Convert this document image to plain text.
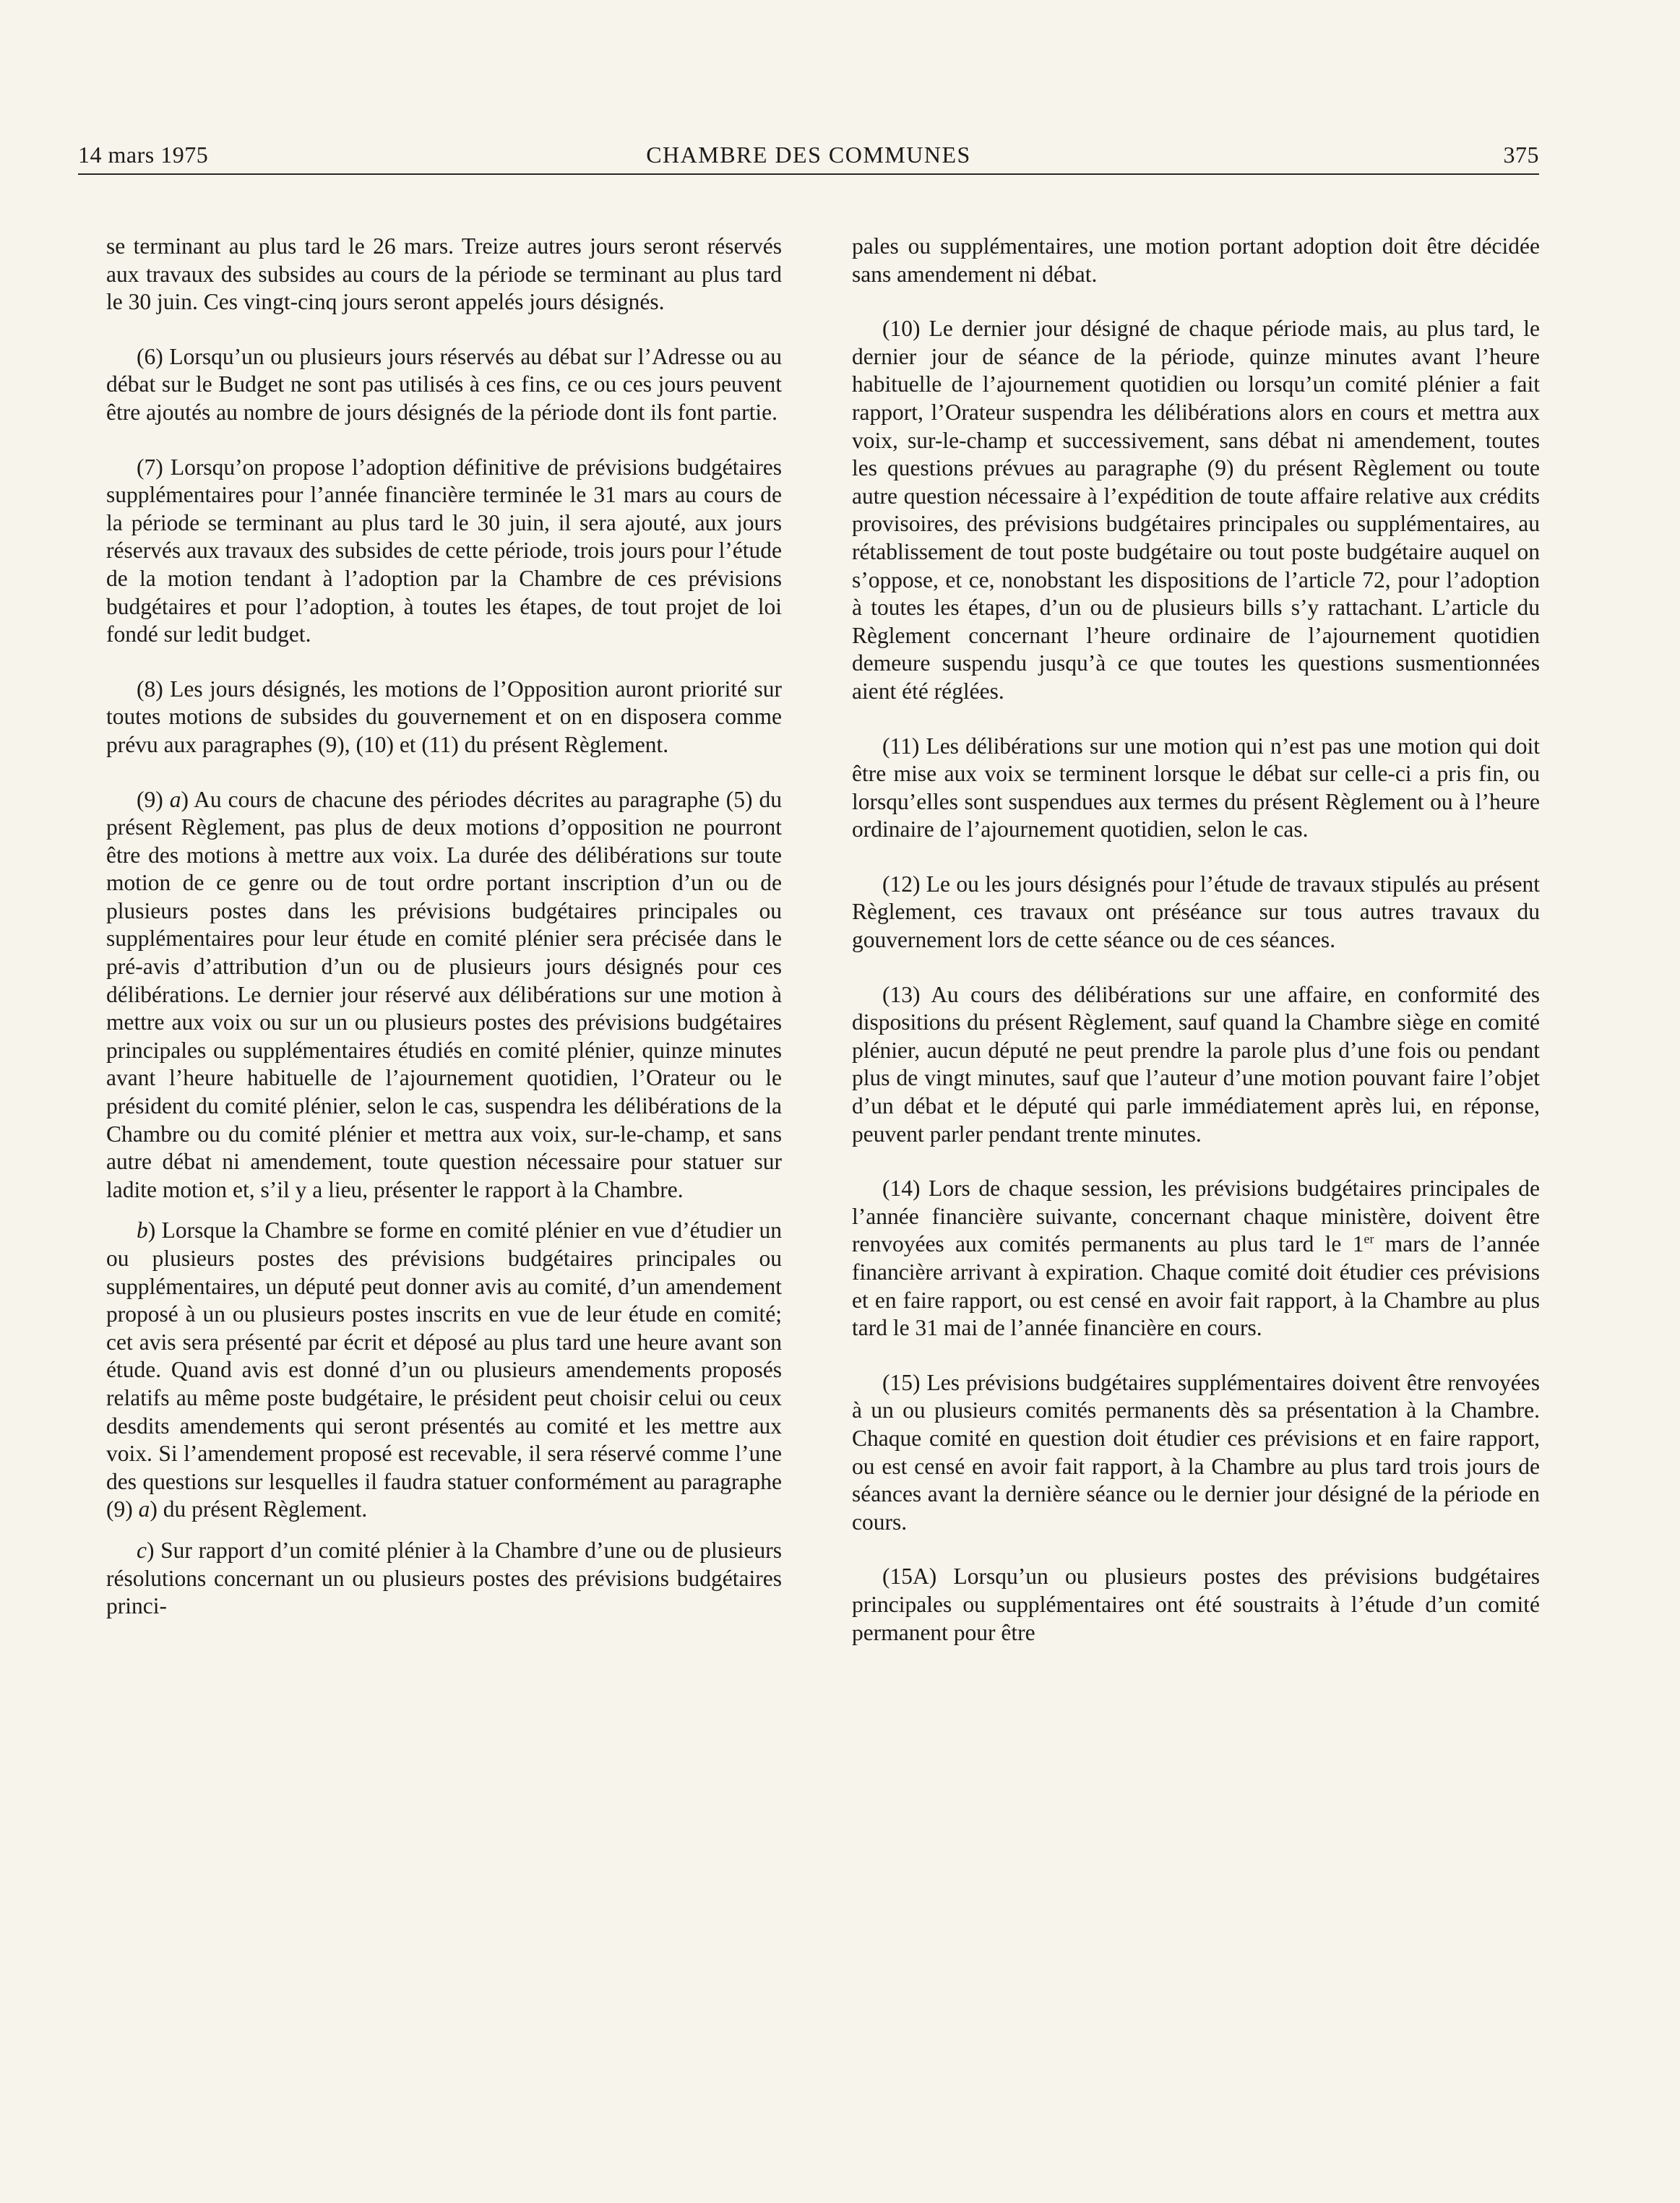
14 mars 1975	CHAMBRE DES COMMUNES	375

se terminant au plus tard le 26 mars. Treize autres jours seront réservés aux travaux des subsides au cours de la période se terminant au plus tard le 30 juin. Ces vingt-cinq jours seront appelés jours désignés.

(6) Lorsqu’un ou plusieurs jours réservés au débat sur l’Adresse ou au débat sur le Budget ne sont pas utilisés à ces fins, ce ou ces jours peuvent être ajoutés au nombre de jours désignés de la période dont ils font partie.

(7) Lorsqu’on propose l’adoption définitive de prévisions budgétaires supplémentaires pour l’année financière terminée le 31 mars au cours de la période se terminant au plus tard le 30 juin, il sera ajouté, aux jours réservés aux travaux des subsides de cette période, trois jours pour l’étude de la motion tendant à l’adoption par la Chambre de ces prévisions budgétaires et pour l’adoption, à toutes les étapes, de tout projet de loi fondé sur ledit budget.

(8) Les jours désignés, les motions de l’Opposition auront priorité sur toutes motions de subsides du gouvernement et on en disposera comme prévu aux paragraphes (9), (10) et (11) du présent Règlement.

(9) a) Au cours de chacune des périodes décrites au paragraphe (5) du présent Règlement, pas plus de deux motions d’opposition ne pourront être des motions à mettre aux voix. La durée des délibérations sur toute motion de ce genre ou de tout ordre portant inscription d’un ou de plusieurs postes dans les prévisions budgétaires principales ou supplémentaires pour leur étude en comité plénier sera précisée dans le pré-avis d’attribution d’un ou de plusieurs jours désignés pour ces délibérations. Le dernier jour réservé aux délibérations sur une motion à mettre aux voix ou sur un ou plusieurs postes des prévisions budgétaires principales ou supplémentaires étudiés en comité plénier, quinze minutes avant l’heure habituelle de l’ajournement quotidien, l’Orateur ou le président du comité plénier, selon le cas, suspendra les délibérations de la Chambre ou du comité plénier et mettra aux voix, sur-le-champ, et sans autre débat ni amendement, toute question nécessaire pour statuer sur ladite motion et, s’il y a lieu, présenter le rapport à la Chambre.

b) Lorsque la Chambre se forme en comité plénier en vue d’étudier un ou plusieurs postes des prévisions budgétaires principales ou supplémentaires, un député peut donner avis au comité, d’un amendement proposé à un ou plusieurs postes inscrits en vue de leur étude en comité; cet avis sera présenté par écrit et déposé au plus tard une heure avant son étude. Quand avis est donné d’un ou plusieurs amendements proposés relatifs au même poste budgétaire, le président peut choisir celui ou ceux desdits amendements qui seront présentés au comité et les mettre aux voix. Si l’amendement proposé est recevable, il sera réservé comme l’une des questions sur lesquelles il faudra statuer conformément au paragraphe (9) a) du présent Règlement.

c) Sur rapport d’un comité plénier à la Chambre d’une ou de plusieurs résolutions concernant un ou plusieurs postes des prévisions budgétaires princi-

pales ou supplémentaires, une motion portant adoption doit être décidée sans amendement ni débat.

(10) Le dernier jour désigné de chaque période mais, au plus tard, le dernier jour de séance de la période, quinze minutes avant l’heure habituelle de l’ajournement quotidien ou lorsqu’un comité plénier a fait rapport, l’Orateur suspendra les délibérations alors en cours et mettra aux voix, sur-le-champ et successivement, sans débat ni amendement, toutes les questions prévues au paragraphe (9) du présent Règlement ou toute autre question nécessaire à l’expédition de toute affaire relative aux crédits provisoires, des prévisions budgétaires principales ou supplémentaires, au rétablissement de tout poste budgétaire ou tout poste budgétaire auquel on s’oppose, et ce, nonobstant les dispositions de l’article 72, pour l’adoption à toutes les étapes, d’un ou de plusieurs bills s’y rattachant. L’article du Règlement concernant l’heure ordinaire de l’ajournement quotidien demeure suspendu jusqu’à ce que toutes les questions susmentionnées aient été réglées.

(11) Les délibérations sur une motion qui n’est pas une motion qui doit être mise aux voix se terminent lorsque le débat sur celle-ci a pris fin, ou lorsqu’elles sont suspendues aux termes du présent Règlement ou à l’heure ordinaire de l’ajournement quotidien, selon le cas.

(12) Le ou les jours désignés pour l’étude de travaux stipulés au présent Règlement, ces travaux ont préséance sur tous autres travaux du gouvernement lors de cette séance ou de ces séances.

(13) Au cours des délibérations sur une affaire, en conformité des dispositions du présent Règlement, sauf quand la Chambre siège en comité plénier, aucun député ne peut prendre la parole plus d’une fois ou pendant plus de vingt minutes, sauf que l’auteur d’une motion pouvant faire l’objet d’un débat et le député qui parle immédiatement après lui, en réponse, peuvent parler pendant trente minutes.

(14) Lors de chaque session, les prévisions budgétaires principales de l’année financière suivante, concernant chaque ministère, doivent être renvoyées aux comités permanents au plus tard le 1er mars de l’année financière arrivant à expiration. Chaque comité doit étudier ces prévisions et en faire rapport, ou est censé en avoir fait rapport, à la Chambre au plus tard le 31 mai de l’année financière en cours.

(15) Les prévisions budgétaires supplémentaires doivent être renvoyées à un ou plusieurs comités permanents dès sa présentation à la Chambre. Chaque comité en question doit étudier ces prévisions et en faire rapport, ou est censé en avoir fait rapport, à la Chambre au plus tard trois jours de séances avant la dernière séance ou le dernier jour désigné de la période en cours.

(15A) Lorsqu’un ou plusieurs postes des prévisions budgétaires principales ou supplémentaires ont été soustraits à l’étude d’un comité permanent pour être
